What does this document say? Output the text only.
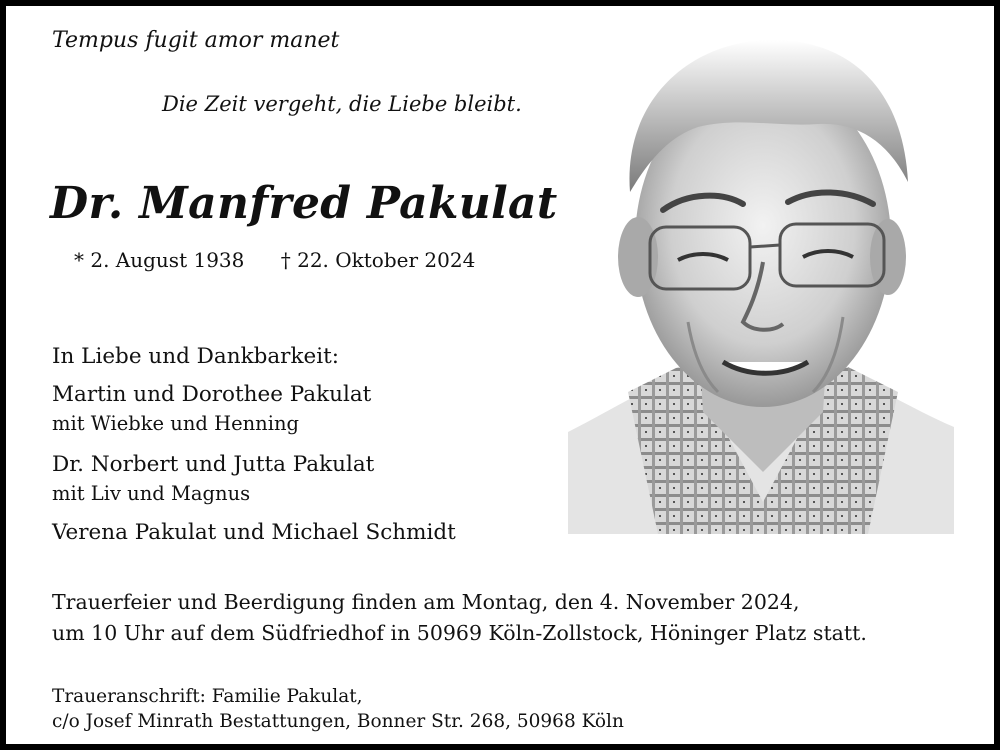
Tempus fugit amor manet
Die Zeit vergeht, die Liebe bleibt.
Dr. Manfred Pakulat
* 2. August 1938 † 22. Oktober 2024
In Liebe und Dankbarkeit:
Martin und Dorothee Pakulat
mit Wiebke und Henning
Dr. Norbert und Jutta Pakulat
mit Liv und Magnus
Verena Pakulat und Michael Schmidt
Trauerfeier und Beerdigung finden am Montag, den 4. November 2024,
um 10 Uhr auf dem Südfriedhof in 50969 Köln-Zollstock, Höninger Platz statt.
Traueranschrift: Familie Pakulat,
c/o Josef Minrath Bestattungen, Bonner Str. 268, 50968 Köln
